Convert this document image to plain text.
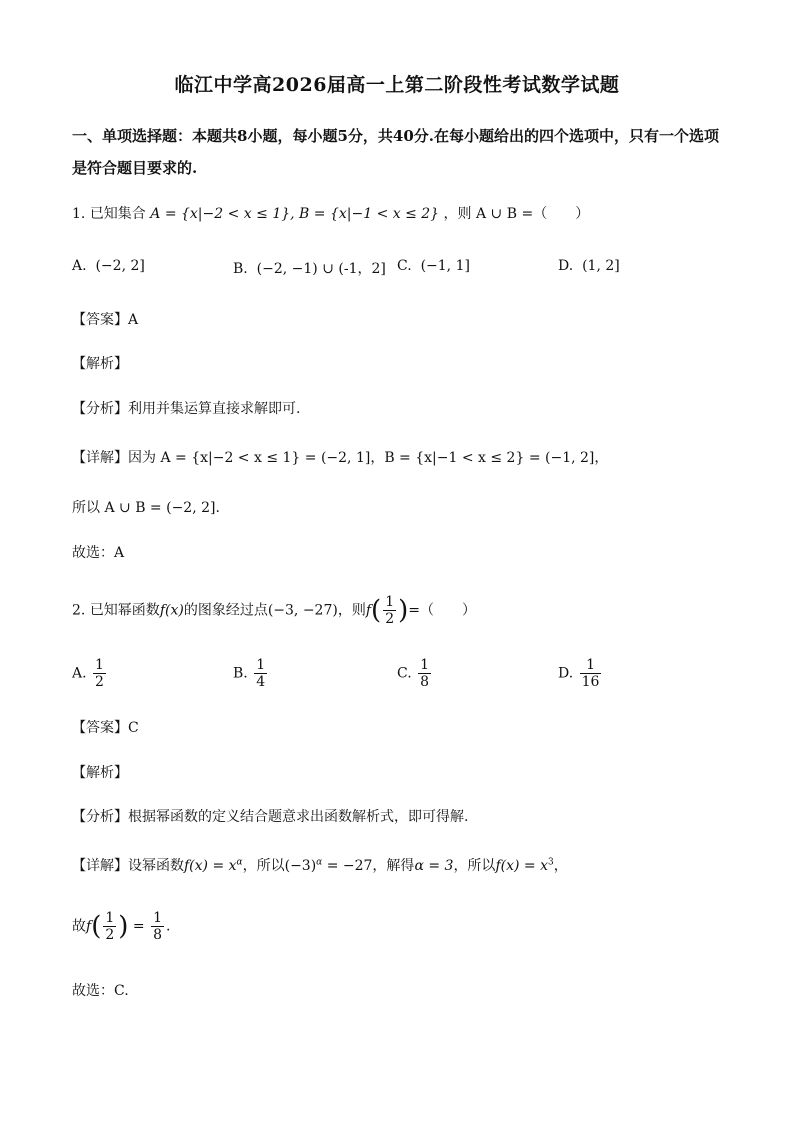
临江中学高2026届高一上第二阶段性考试数学试题
一、单项选择题：本题共8小题，每小题5分，共40分.在每小题给出的四个选项中，只有一个选项是符合题目要求的.
1. 已知集合 A = {x|−2 < x ≤ 1}, B = {x|−1 < x ≤ 2} ，则 A ∪ B =（　　）
A. (−2, 2]	B. (−2, −1) ∪ (-1，2] C. (−1, 1]	D. (1, 2]
【答案】A
【解析】
【分析】利用并集运算直接求解即可.
【详解】因为 A = {x|−2 < x ≤ 1} = (−2, 1]，B = {x|−1 < x ≤ 2} = (−1, 2]，
所以 A ∪ B = (−2, 2].
故选：A
2. 已知幂函数f(x)的图象经过点(−3, −27)，则$f( \frac{1}{2}$ )=（　　）
A. $\frac{1}{2}$	B. $\frac{1}{4}$	C. $\frac{1}{8}$	D. $\frac{1}{16}$
【答案】C
【解析】
【分析】根据幂函数的定义结合题意求出函数解析式，即可得解.
【详解】设幂函数$f(x) = x^\alpha$，所以$(-3)^\alpha = -27$，解得α = 3，所以$f(x) = x^3$，
故$f( \frac{1}{2}$ ) = $\frac{1}{8}$ .
故选：C.
